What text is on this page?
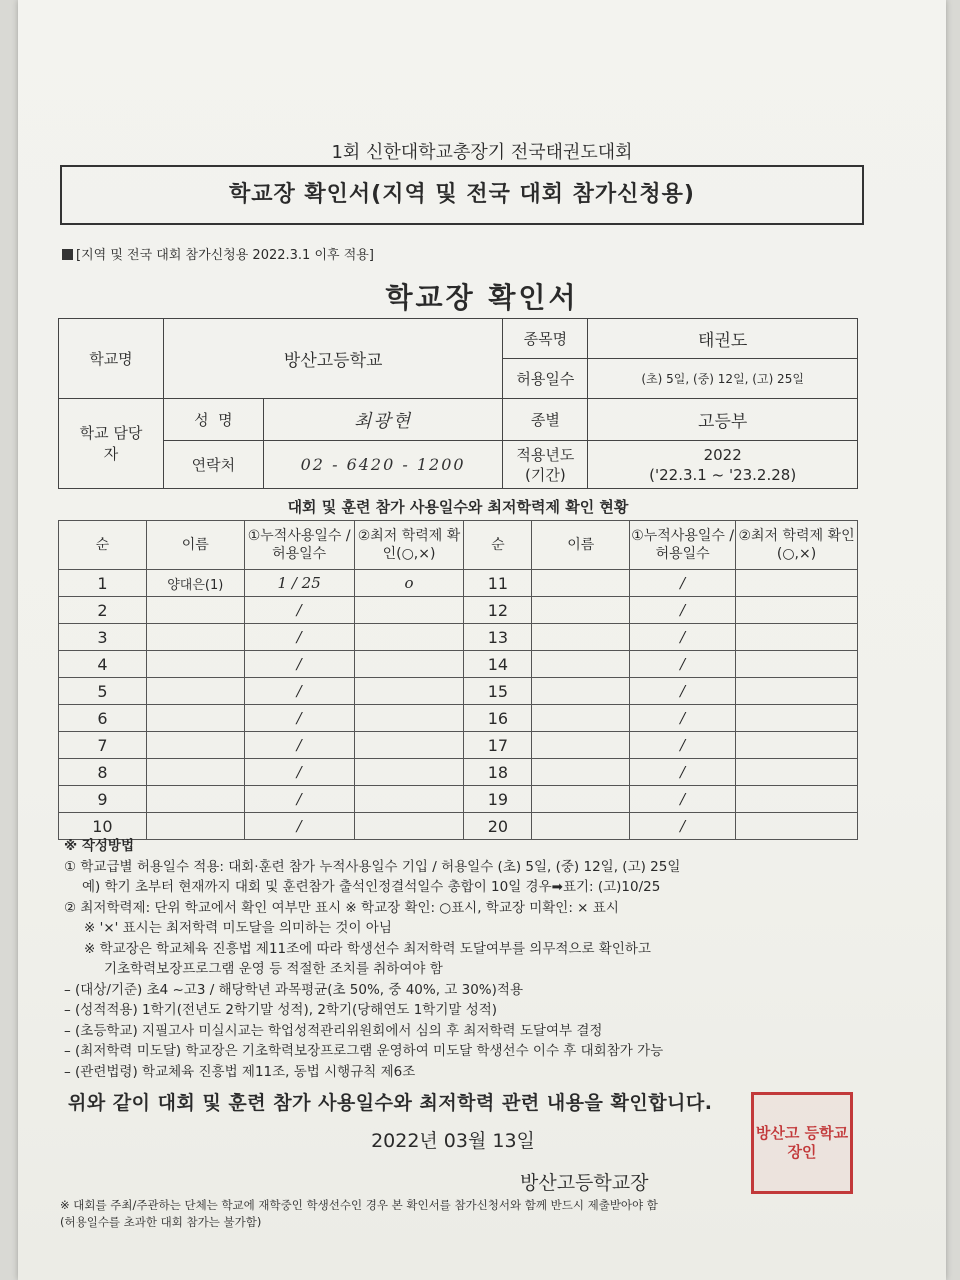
1회 신한대학교총장기 전국태권도대회
학교장 확인서(지역 및 전국 대회 참가신청용)
[지역 및 전국 대회 참가신청용 2022.3.1 이후 적용]
학교장 확인서
학교명	방산고등학교		종목명	태권도
			허용일수	(초) 5일, (중) 12일, (고) 25일
학교 담당자	성  명	최광현	종별	고등부
	연락처	02 - 6420 - 1200	적용년도 (기간)	2022
('22.3.1 ~ '23.2.28)
대회 및 훈련 참가 사용일수와 최저학력제 확인 현황
순	이름	①누적사용일수 /허용일수	②최저 학력제 확인(○,×)	순	이름	①누적사용일수 /허용일수	②최저 학력제 확인(○,×)
1	양대은(1)	1 / 25	o	11		/	
2		/		12		/	
3		/		13		/	
4		/		14		/	
5		/		15		/	
6		/		16		/	
7		/		17		/	
8		/		18		/	
9		/		19		/	
10		/		20		/	
※ 작성방법
① 학교급별 허용일수 적용: 대회·훈련 참가 누적사용일수 기입 / 허용일수 (초) 5일, (중) 12일, (고) 25일
예) 학기 초부터 현재까지 대회 및 훈련참가 출석인정결석일수 총합이 10일 경우➡표기: (고)10/25
② 최저학력제: 단위 학교에서 확인 여부만 표시 ※ 학교장 확인: ○표시, 학교장 미확인: × 표시
※ '×' 표시는 최저학력 미도달을 의미하는 것이 아님
※ 학교장은 학교체육 진흥법 제11조에 따라 학생선수 최저학력 도달여부를 의무적으로 확인하고
기초학력보장프로그램 운영 등 적절한 조치를 취하여야 함
– (대상/기준) 초4 ~고3 / 해당학년 과목평균(초 50%, 중 40%, 고 30%)적용
– (성적적용) 1학기(전년도 2학기말 성적), 2학기(당해연도 1학기말 성적)
– (초등학교) 지필고사 미실시교는 학업성적관리위원회에서 심의 후 최저학력 도달여부 결정
– (최저학력 미도달) 학교장은 기초학력보장프로그램 운영하여 미도달 학생선수 이수 후 대회참가 가능
– (관련법령) 학교체육 진흥법 제11조, 동법 시행규칙 제6조
위와 같이 대회 및 훈련 참가 사용일수와 최저학력 관련 내용을 확인합니다.
2022년 03월 13일
방산고등학교장
방산고 등학교 장인
※ 대회를 주최/주관하는 단체는 학교에 재학중인 학생선수인 경우 본 확인서를 참가신청서와 함께 반드시 제출받아야 함
(허용일수를 초과한 대회 참가는 불가함)
